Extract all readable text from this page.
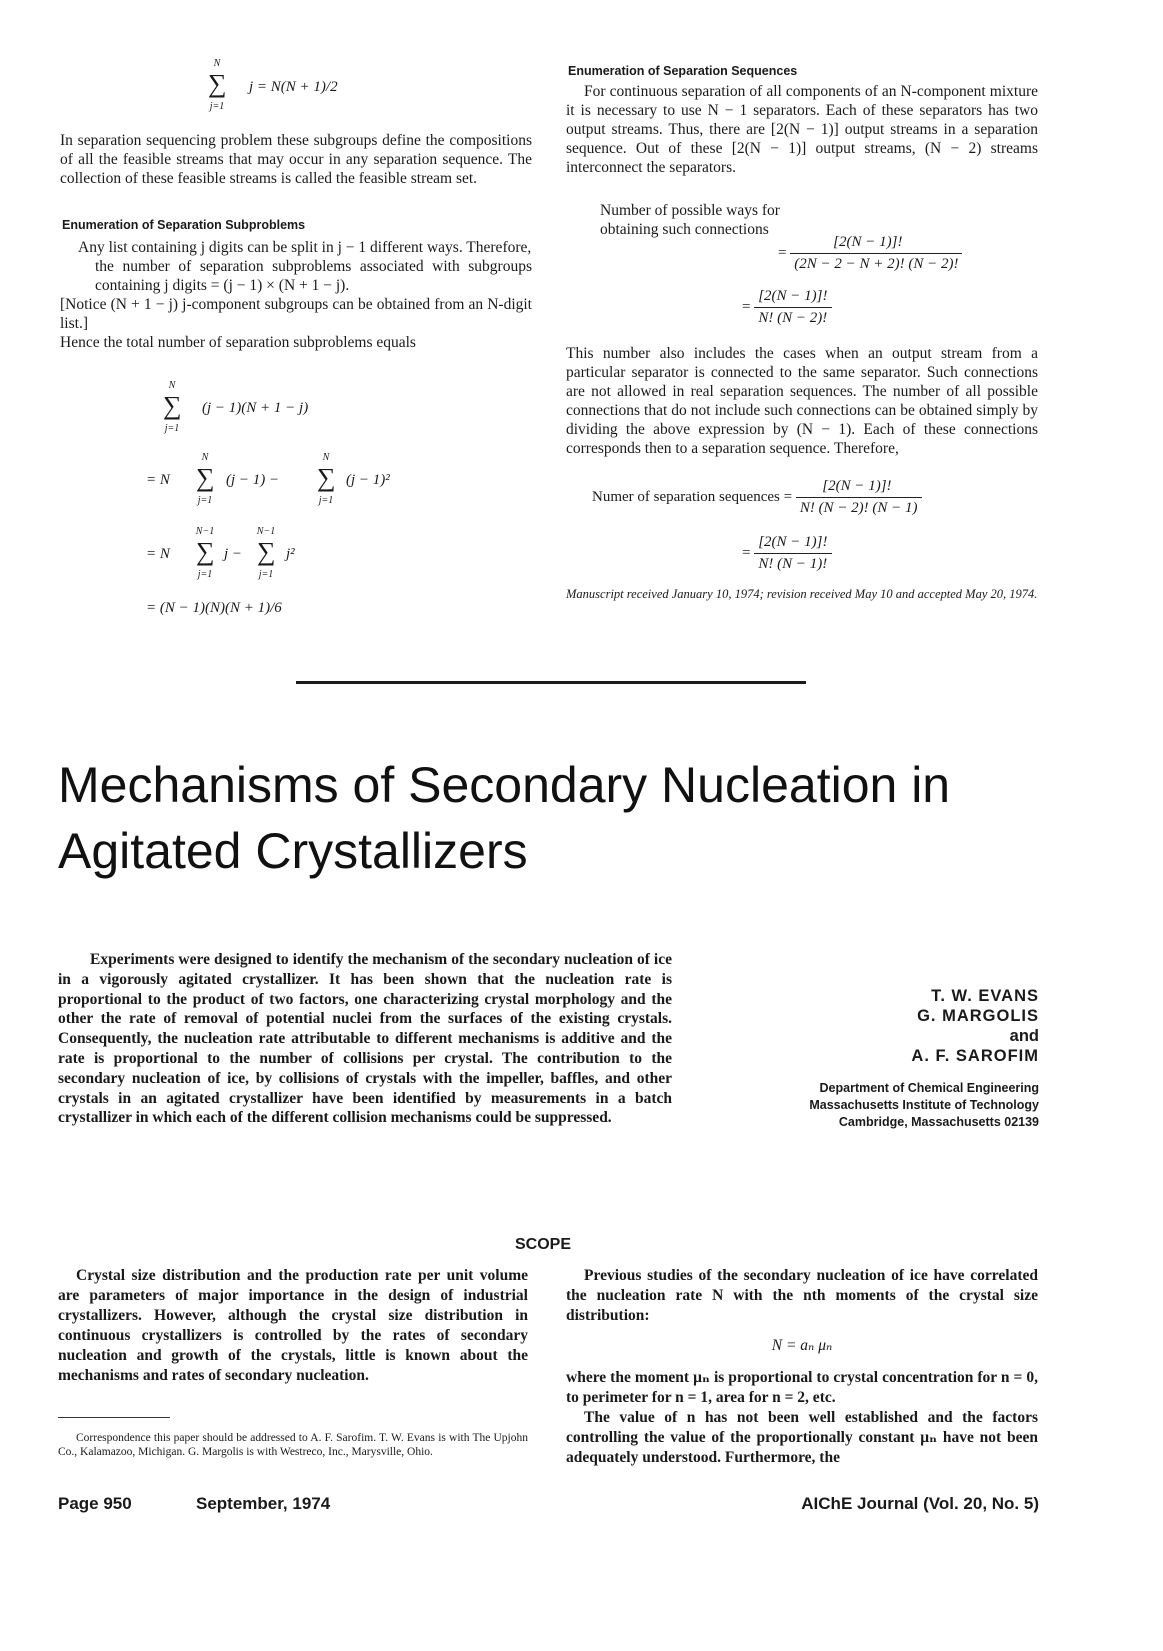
N
∑
j=1
j = N(N + 1)/2

In separation sequencing problem these subgroups define the compositions of all the feasible streams that may occur in any separation sequence. The collection of these feasible streams is called the feasible stream set.

Enumeration of Separation Subproblems

Any list containing j digits can be split in j − 1 different ways. Therefore,

the number of separation subproblems associated with subgroups containing j digits = (j − 1) × (N + 1 − j).

[Notice (N + 1 − j) j-component subgroups can be obtained from an N-digit list.]

Hence the total number of separation subproblems equals

N
∑
j=1
(j − 1)(N + 1 − j)
= N
N
∑
j=1
(j − 1) −
N
∑
j=1
(j − 1)²
= N
N−1
∑
j=1
j −
N−1
∑
j=1
j²
= (N − 1)(N)(N + 1)/6
Enumeration of Separation Sequences

For continuous separation of all components of an N-component mixture it is necessary to use N − 1 separators. Each of these separators has two output streams. Thus, there are [2(N − 1)] output streams in a separation sequence. Out of these [2(N − 1)] output streams, (N − 2) streams interconnect the separators.

Number of possible ways for

obtaining such connections

= $\frac{[2(N - 1)]!}{(2N - 2 - N + 2)! (N - 2)!}$
= $\frac{[2(N - 1)]!}{N! (N - 2)!}$

This number also includes the cases when an output stream from a particular separator is connected to the same separator. Such connections are not allowed in real separation sequences. The number of all possible connections that do not include such connections can be obtained simply by dividing the above expression by (N − 1). Each of these connections corresponds then to a separation sequence. Therefore,

Numer of separation sequences = $\frac{[2(N - 1)]!}{N! (N - 2)! (N - 1)}$
= $\frac{[2(N - 1)]!}{N! (N - 1)!}$
Manuscript received January 10, 1974; revision received May 10 and accepted May 20, 1974.
Mechanisms of Secondary Nucleation in
Agitated Crystallizers

Experiments were designed to identify the mechanism of the secondary nucleation of ice in a vigorously agitated crystallizer. It has been shown that the nucleation rate is proportional to the product of two factors, one characterizing crystal morphology and the other the rate of removal of potential nuclei from the surfaces of the existing crystals. Consequently, the nucleation rate attributable to different mechanisms is additive and the rate is proportional to the number of collisions per crystal. The contribution to the secondary nucleation of ice, by collisions of crystals with the impeller, baffles, and other crystals in an agitated crystallizer have been identified by measurements in a batch crystallizer in which each of the different collision mechanisms could be suppressed.

T. W. EVANS
G. MARGOLIS
and
A. F. SAROFIM
Department of Chemical Engineering
Massachusetts Institute of Technology
Cambridge, Massachusetts 02139
SCOPE

Crystal size distribution and the production rate per unit volume are parameters of major importance in the design of industrial crystallizers. However, although the crystal size distribution in continuous crystallizers is controlled by the rates of secondary nucleation and growth of the crystals, little is known about the mechanisms and rates of secondary nucleation.

Correspondence this paper should be addressed to A. F. Sarofim. T. W. Evans is with The Upjohn Co., Kalamazoo, Michigan. G. Margolis is with Westreco, Inc., Marysville, Ohio.

Previous studies of the secondary nucleation of ice have correlated the nucleation rate N with the nth moments of the crystal size distribution:

N = aₙ μₙ

where the moment μₙ is proportional to crystal concentration for n = 0, to perimeter for n = 1, area for n = 2, etc.

The value of n has not been well established and the factors controlling the value of the proportionally constant μₙ have not been adequately understood. Furthermore, the

Page 950	September, 1974	AIChE Journal (Vol. 20, No. 5)
